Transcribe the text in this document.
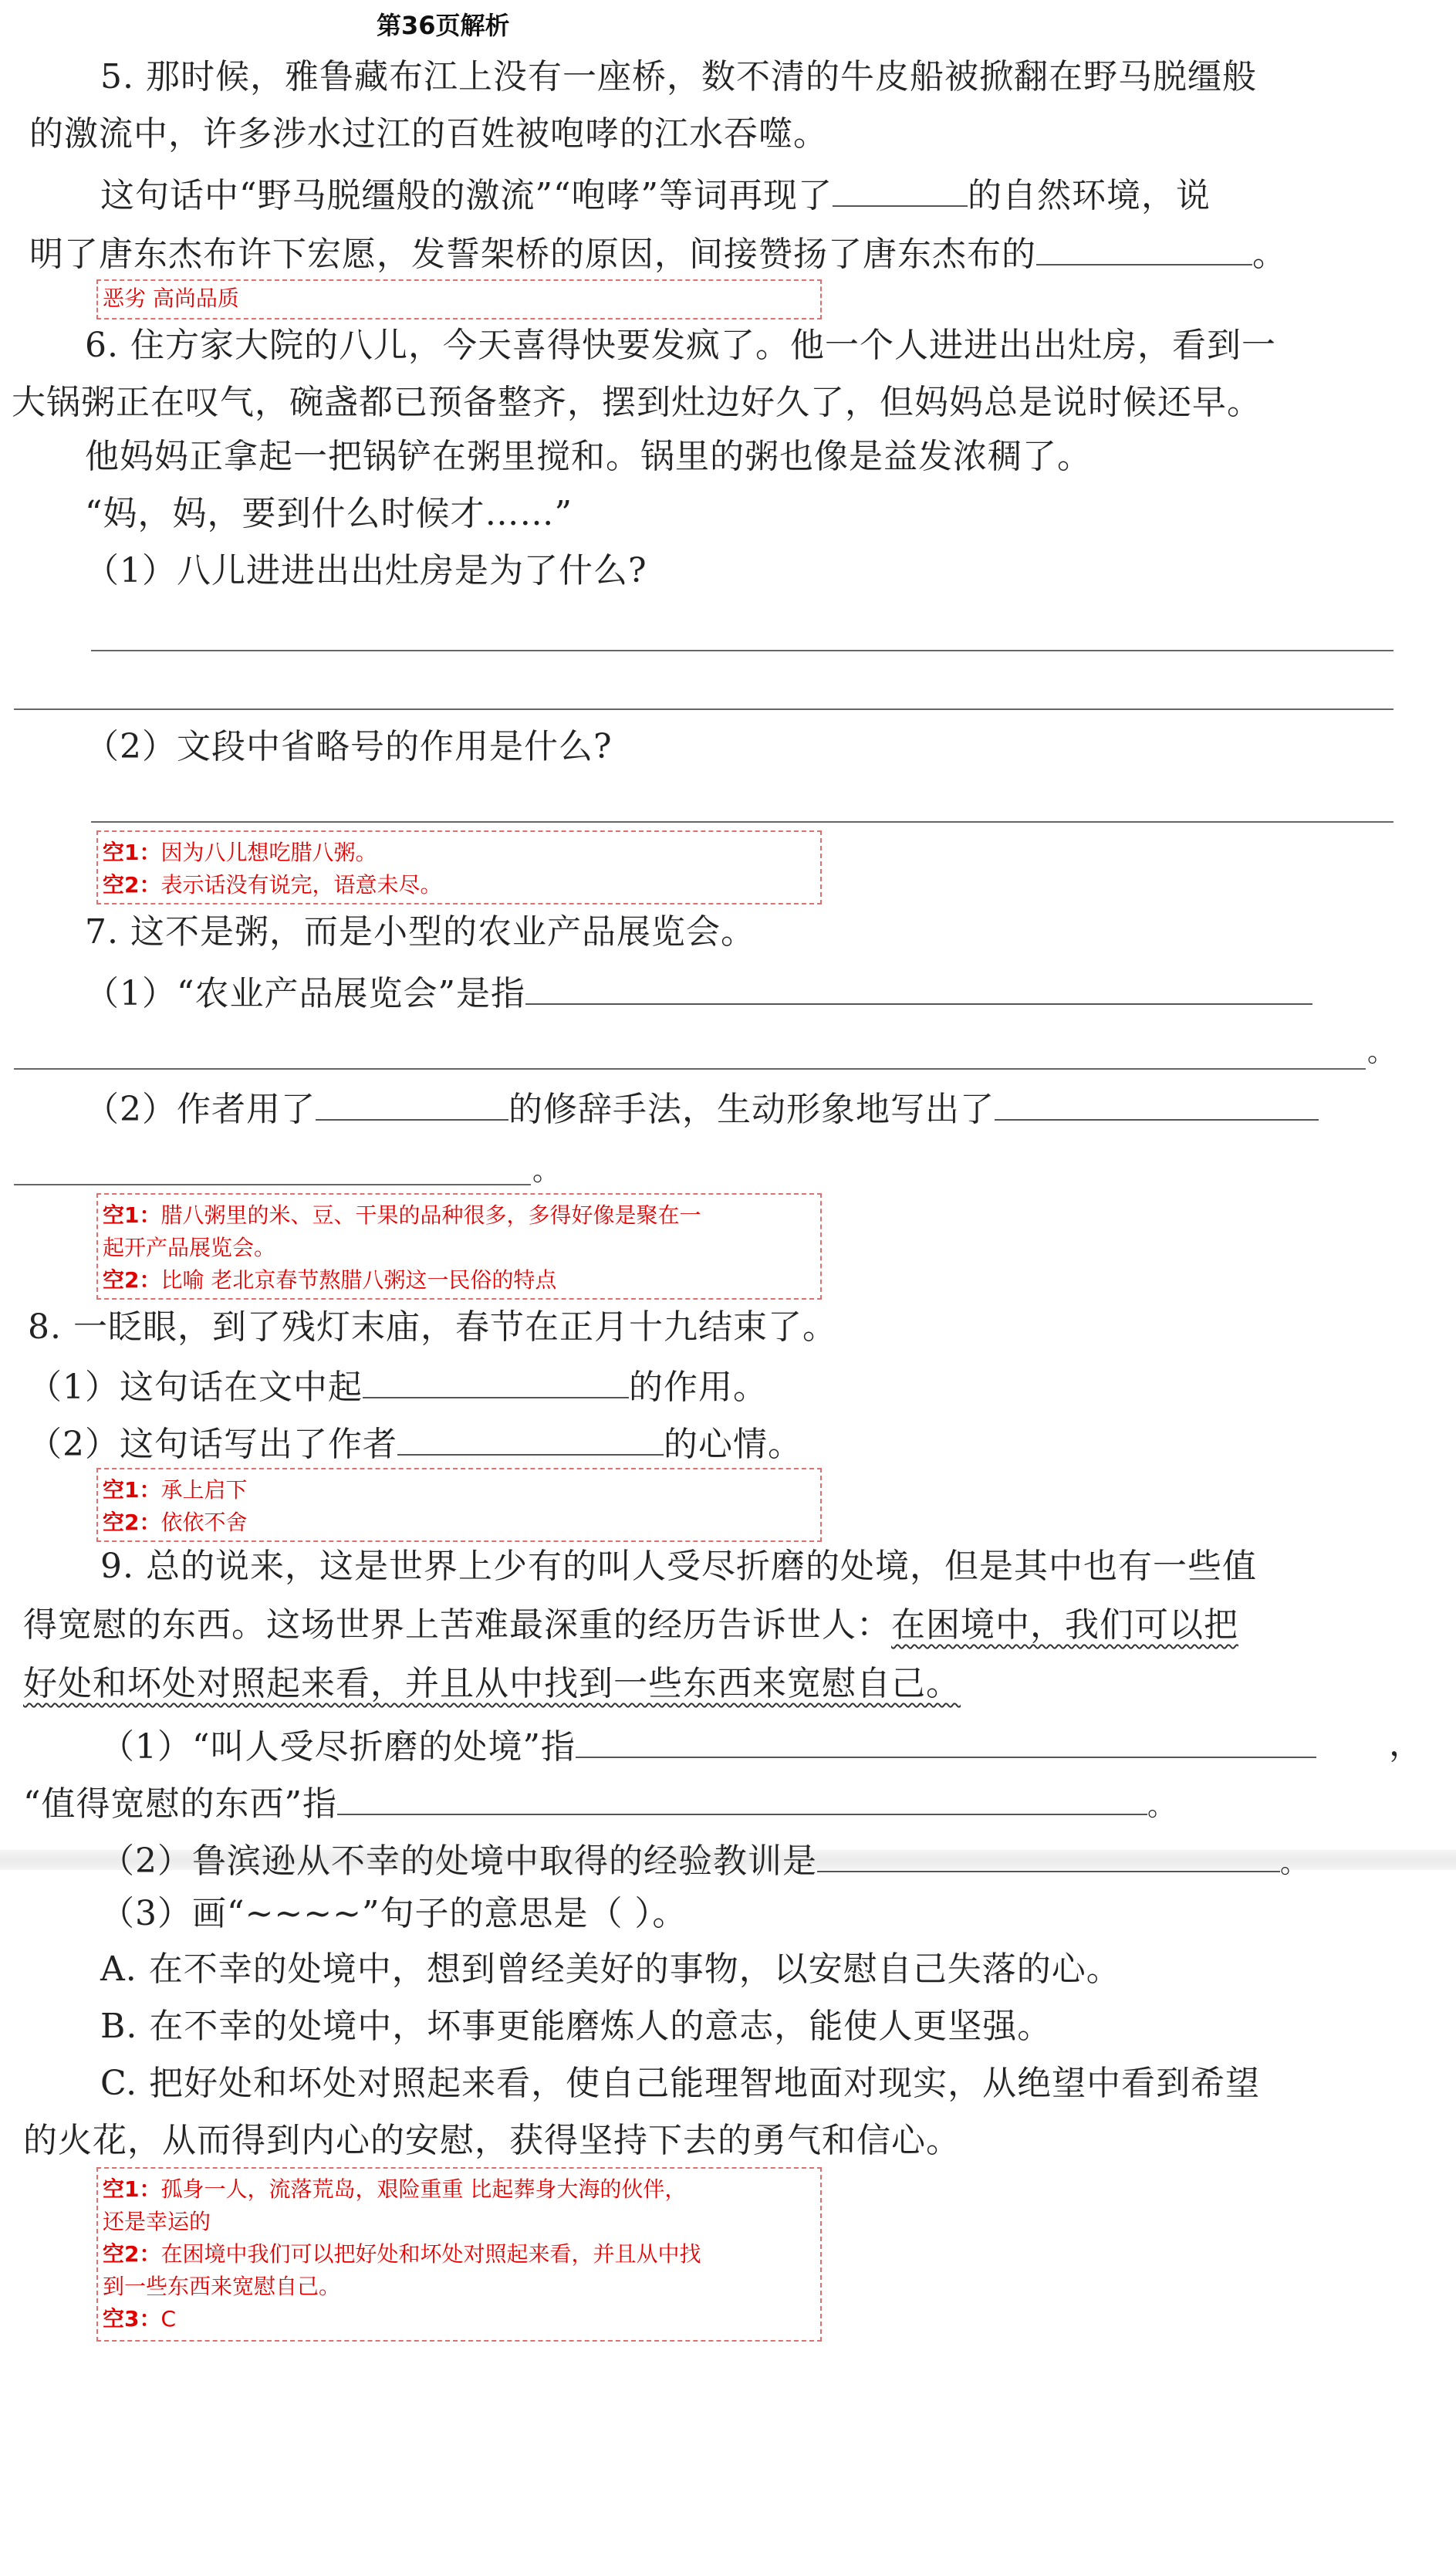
第36页解析
5. 那时候，雅鲁藏布江上没有一座桥，数不清的牛皮船被掀翻在野马脱缰般
的激流中，许多涉水过江的百姓被咆哮的江水吞噬。
这句话中“野马脱缰般的激流”“咆哮”等词再现了	的自然环境，说
明了唐东杰布许下宏愿，发誓架桥的原因，间接赞扬了唐东杰布的	。
恶劣 高尚品质
6. 住方家大院的八儿，今天喜得快要发疯了。他一个人进进出出灶房，看到一
大锅粥正在叹气，碗盏都已预备整齐，摆到灶边好久了，但妈妈总是说时候还早。
他妈妈正拿起一把锅铲在粥里搅和。锅里的粥也像是益发浓稠了。
“妈，妈，要到什么时候才……”
（1）八儿进进出出灶房是为了什么?
（2）文段中省略号的作用是什么?
空1：因为八儿想吃腊八粥。
空2：表示话没有说完，语意未尽。
7. 这不是粥，而是小型的农业产品展览会。
（1）“农业产品展览会”是指
。
（2）作者用了	的修辞手法，生动形象地写出了
。
空1：腊八粥里的米、豆、干果的品种很多，多得好像是聚在一
起开产品展览会。
空2：比喻 老北京春节熬腊八粥这一民俗的特点
8. 一眨眼，到了残灯末庙，春节在正月十九结束了。
（1）这句话在文中起	的作用。
（2）这句话写出了作者	的心情。
空1：承上启下
空2：依依不舍
9. 总的说来，这是世界上少有的叫人受尽折磨的处境，但是其中也有一些值
得宽慰的东西。这场世界上苦难最深重的经历告诉世人：在困境中，我们可以把
好处和坏处对照起来看，并且从中找到一些东西来宽慰自己。
（1）“叫人受尽折磨的处境”指	，
“值得宽慰的东西”指	。
（2）鲁滨逊从不幸的处境中取得的经验教训是	。
（3）画“~~~~”句子的意思是（ ）。
A. 在不幸的处境中，想到曾经美好的事物，以安慰自己失落的心。
B. 在不幸的处境中，坏事更能磨炼人的意志，能使人更坚强。
C. 把好处和坏处对照起来看，使自己能理智地面对现实，从绝望中看到希望
的火花，从而得到内心的安慰，获得坚持下去的勇气和信心。
空1：孤身一人，流落荒岛，艰险重重 比起葬身大海的伙伴，
还是幸运的
空2：在困境中我们可以把好处和坏处对照起来看，并且从中找
到一些东西来宽慰自己。
空3：C
